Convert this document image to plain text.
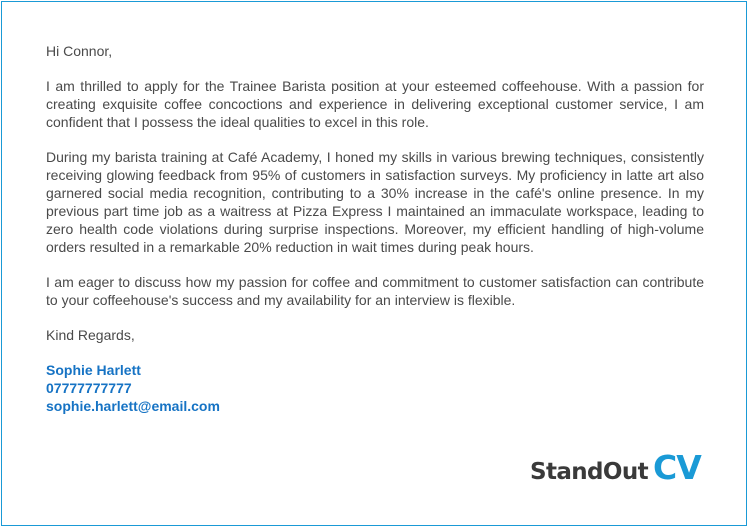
Hi Connor,

I am thrilled to apply for the Trainee Barista position at your esteemed coffeehouse. With a passion for creating exquisite coffee concoctions and experience in delivering exceptional customer service, I am confident that I possess the ideal qualities to excel in this role.

During my barista training at Café Academy, I honed my skills in various brewing techniques, consistently receiving glowing feedback from 95% of customers in satisfaction surveys. My proficiency in latte art also garnered social media recognition, contributing to a 30% increase in the café's online presence. In my previous part time job as a waitress at Pizza Express I maintained an immaculate workspace, leading to zero health code violations during surprise inspections. Moreover, my efficient handling of high-volume orders resulted in a remarkable 20% reduction in wait times during peak hours.

I am eager to discuss how my passion for coffee and commitment to customer satisfaction can contribute to your coffeehouse's success and my availability for an interview is flexible.

Kind Regards,

Sophie Harlett
07777777777
sophie.harlett@email.com
StandOut CV
